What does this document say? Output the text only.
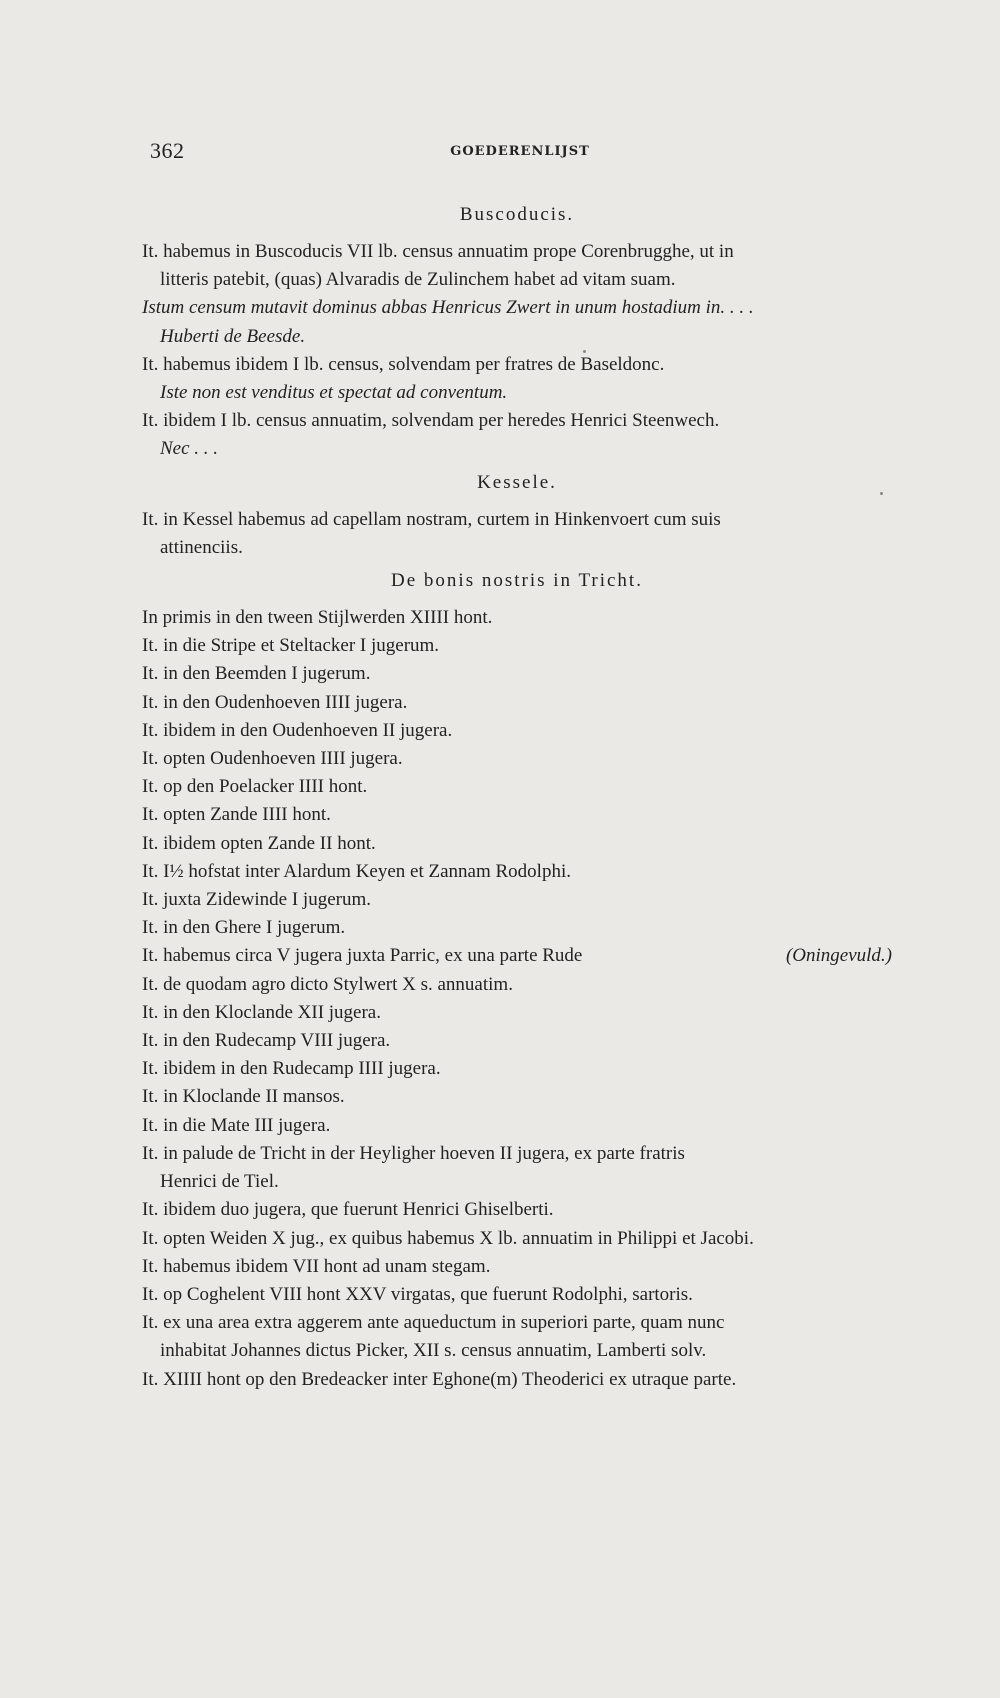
362	GOEDERENLIJST
Buscoducis.
It. habemus in Buscoducis VII lb. census annuatim prope Corenbrugghe, ut in
litteris patebit, (quas) Alvaradis de Zulinchem habet ad vitam suam.
Istum censum mutavit dominus abbas Henricus Zwert in unum hostadium in. . . .
Huberti de Beesde.
It. habemus ibidem I lb. census, solvendam per fratres de Baseldonc.
Iste non est venditus et spectat ad conventum.
It. ibidem I lb. census annuatim, solvendam per heredes Henrici Steenwech.
Nec . . .
Kessele.
It. in Kessel habemus ad capellam nostram, curtem in Hinkenvoert cum suis
attinenciis.
De bonis nostris in Tricht.
In primis in den tween Stijlwerden XIIII hont.
It. in die Stripe et Steltacker I jugerum.
It. in den Beemden I jugerum.
It. in den Oudenhoeven IIII jugera.
It. ibidem in den Oudenhoeven II jugera.
It. opten Oudenhoeven IIII jugera.
It. op den Poelacker IIII hont.
It. opten Zande IIII hont.
It. ibidem opten Zande II hont.
It. I½ hofstat inter Alardum Keyen et Zannam Rodolphi.
It. juxta Zidewinde I jugerum.
It. in den Ghere I jugerum.
It. habemus circa V jugera juxta Parric, ex una parte Rude	(Oningevuld.)
It. de quodam agro dicto Stylwert X s. annuatim.
It. in den Kloclande XII jugera.
It. in den Rudecamp VIII jugera.
It. ibidem in den Rudecamp IIII jugera.
It. in Kloclande II mansos.
It. in die Mate III jugera.
It. in palude de Tricht in der Heyligher hoeven II jugera, ex parte fratris
Henrici de Tiel.
It. ibidem duo jugera, que fuerunt Henrici Ghiselberti.
It. opten Weiden X jug., ex quibus habemus X lb. annuatim in Philippi et Jacobi.
It. habemus ibidem VII hont ad unam stegam.
It. op Coghelent VIII hont XXV virgatas, que fuerunt Rodolphi, sartoris.
It. ex una area extra aggerem ante aqueductum in superiori parte, quam nunc
inhabitat Johannes dictus Picker, XII s. census annuatim, Lamberti solv.
It. XIIII hont op den Bredeacker inter Eghone(m) Theoderici ex utraque parte.
